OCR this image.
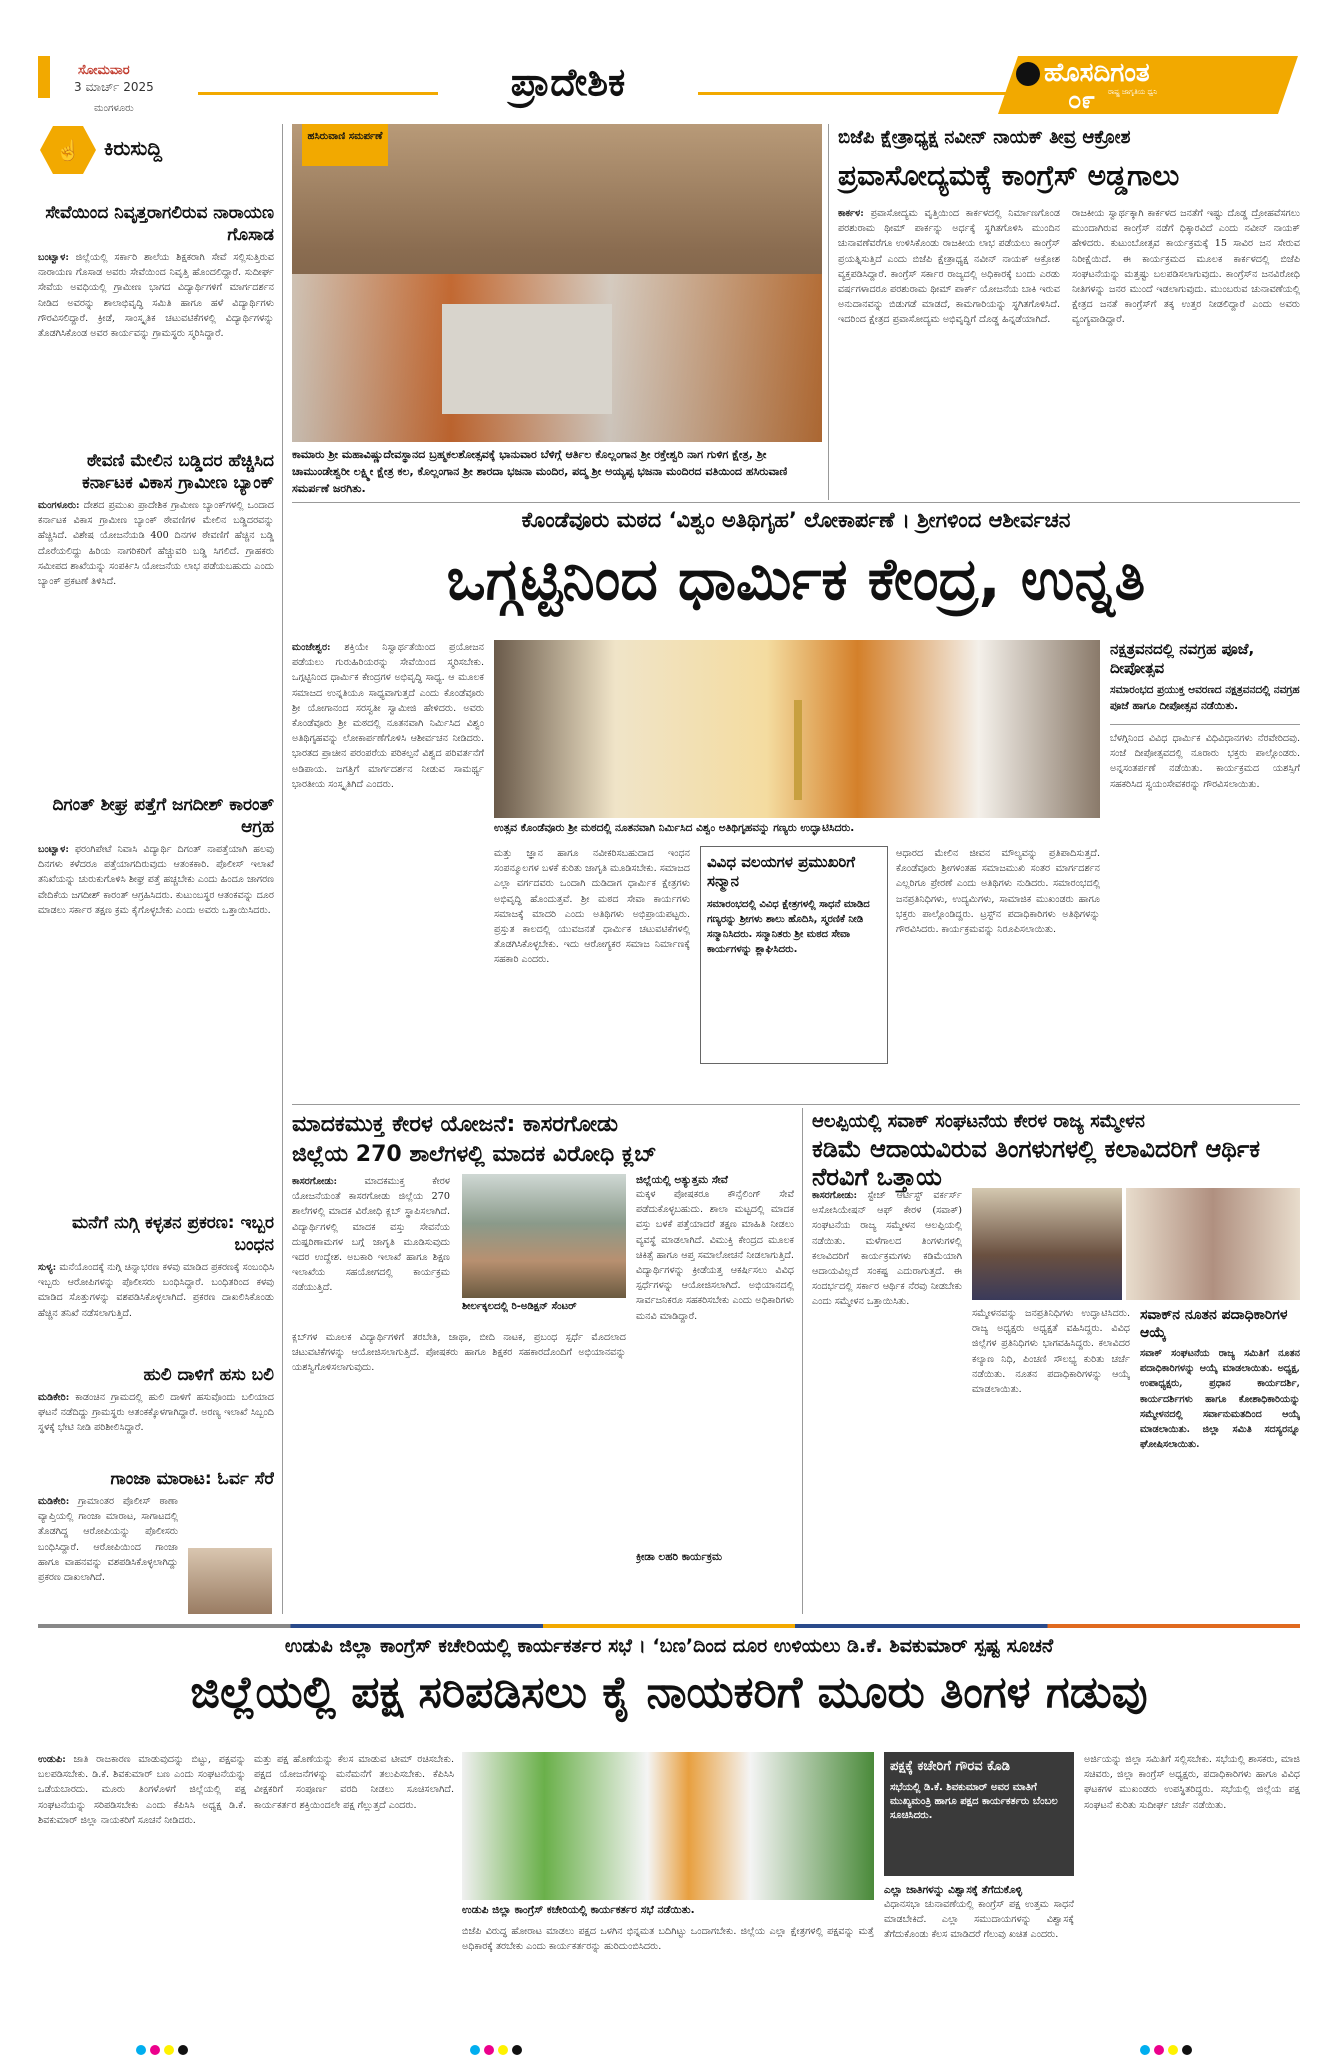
ಸೋಮವಾರ
3 ಮಾರ್ಚ್ 2025
ಮಂಗಳೂರು
ಪ್ರಾದೇಶಿಕ	ಹೊಸದಿಗಂತ
ರಾಷ್ಟ್ರ ಜಾಗೃತಿಯ ಧ್ವನಿ
೦೯
☝ ಕಿರುಸುದ್ದಿ
ಸೇವೆಯಿಂದ ನಿವೃತ್ತರಾಗಲಿರುವ ನಾರಾಯಣ ಗೊಸಾಡ
ಬಂಟ್ವಾಳ: ಜಿಲ್ಲೆಯಲ್ಲಿ ಸರ್ಕಾರಿ ಶಾಲೆಯ ಶಿಕ್ಷಕರಾಗಿ ಸೇವೆ ಸಲ್ಲಿಸುತ್ತಿರುವ ನಾರಾಯಣ ಗೊಸಾಡ ಅವರು ಸೇವೆಯಿಂದ ನಿವೃತ್ತಿ ಹೊಂದಲಿದ್ದಾರೆ. ಸುದೀರ್ಘ ಸೇವೆಯ ಅವಧಿಯಲ್ಲಿ ಗ್ರಾಮೀಣ ಭಾಗದ ವಿದ್ಯಾರ್ಥಿಗಳಿಗೆ ಮಾರ್ಗದರ್ಶನ ನೀಡಿದ ಅವರನ್ನು ಶಾಲಾಭಿವೃದ್ಧಿ ಸಮಿತಿ ಹಾಗೂ ಹಳೆ ವಿದ್ಯಾರ್ಥಿಗಳು ಗೌರವಿಸಲಿದ್ದಾರೆ. ಕ್ರೀಡೆ, ಸಾಂಸ್ಕೃತಿಕ ಚಟುವಟಿಕೆಗಳಲ್ಲಿ ವಿದ್ಯಾರ್ಥಿಗಳನ್ನು ತೊಡಗಿಸಿಕೊಂಡ ಅವರ ಕಾರ್ಯವನ್ನು ಗ್ರಾಮಸ್ಥರು ಸ್ಮರಿಸಿದ್ದಾರೆ.
ಠೇವಣಿ ಮೇಲಿನ ಬಡ್ಡಿದರ ಹೆಚ್ಚಿಸಿದ ಕರ್ನಾಟಕ ವಿಕಾಸ ಗ್ರಾಮೀಣ ಬ್ಯಾಂಕ್
ಮಂಗಳೂರು: ದೇಶದ ಪ್ರಮುಖ ಪ್ರಾದೇಶಿಕ ಗ್ರಾಮೀಣ ಬ್ಯಾಂಕ್‌ಗಳಲ್ಲಿ ಒಂದಾದ ಕರ್ನಾಟಕ ವಿಕಾಸ ಗ್ರಾಮೀಣ ಬ್ಯಾಂಕ್ ಠೇವಣಿಗಳ ಮೇಲಿನ ಬಡ್ಡಿದರವನ್ನು ಹೆಚ್ಚಿಸಿದೆ. ವಿಶೇಷ ಯೋಜನೆಯಡಿ 400 ದಿನಗಳ ಠೇವಣಿಗೆ ಹೆಚ್ಚಿನ ಬಡ್ಡಿ ದೊರೆಯಲಿದ್ದು ಹಿರಿಯ ನಾಗರಿಕರಿಗೆ ಹೆಚ್ಚುವರಿ ಬಡ್ಡಿ ಸಿಗಲಿದೆ. ಗ್ರಾಹಕರು ಸಮೀಪದ ಶಾಖೆಯನ್ನು ಸಂಪರ್ಕಿಸಿ ಯೋಜನೆಯ ಲಾಭ ಪಡೆಯಬಹುದು ಎಂದು ಬ್ಯಾಂಕ್ ಪ್ರಕಟಣೆ ತಿಳಿಸಿದೆ.
ದಿಗಂತ್ ಶೀಘ್ರ ಪತ್ತೆಗೆ ಜಗದೀಶ್ ಕಾರಂತ್ ಆಗ್ರಹ
ಬಂಟ್ವಾಳ: ಫರಂಗಿಪೇಟೆ ನಿವಾಸಿ ವಿದ್ಯಾರ್ಥಿ ದಿಗಂತ್ ನಾಪತ್ತೆಯಾಗಿ ಹಲವು ದಿನಗಳು ಕಳೆದರೂ ಪತ್ತೆಯಾಗದಿರುವುದು ಆತಂಕಕಾರಿ. ಪೊಲೀಸ್ ಇಲಾಖೆ ತನಿಖೆಯನ್ನು ಚುರುಕುಗೊಳಿಸಿ ಶೀಘ್ರ ಪತ್ತೆ ಹಚ್ಚಬೇಕು ಎಂದು ಹಿಂದೂ ಜಾಗರಣ ವೇದಿಕೆಯ ಜಗದೀಶ್ ಕಾರಂತ್ ಆಗ್ರಹಿಸಿದರು. ಕುಟುಂಬಸ್ಥರ ಆತಂಕವನ್ನು ದೂರ ಮಾಡಲು ಸರ್ಕಾರ ತಕ್ಷಣ ಕ್ರಮ ಕೈಗೊಳ್ಳಬೇಕು ಎಂದು ಅವರು ಒತ್ತಾಯಿಸಿದರು.
ಮನೆಗೆ ನುಗ್ಗಿ ಕಳ್ಳತನ ಪ್ರಕರಣ: ಇಬ್ಬರ ಬಂಧನ
ಸುಳ್ಯ: ಮನೆಯೊಂದಕ್ಕೆ ನುಗ್ಗಿ ಚಿನ್ನಾಭರಣ ಕಳವು ಮಾಡಿದ ಪ್ರಕರಣಕ್ಕೆ ಸಂಬಂಧಿಸಿ ಇಬ್ಬರು ಆರೋಪಿಗಳನ್ನು ಪೊಲೀಸರು ಬಂಧಿಸಿದ್ದಾರೆ. ಬಂಧಿತರಿಂದ ಕಳವು ಮಾಡಿದ ಸೊತ್ತುಗಳನ್ನು ವಶಪಡಿಸಿಕೊಳ್ಳಲಾಗಿದೆ. ಪ್ರಕರಣ ದಾಖಲಿಸಿಕೊಂಡು ಹೆಚ್ಚಿನ ತನಿಖೆ ನಡೆಸಲಾಗುತ್ತಿದೆ.
ಹುಲಿ ದಾಳಿಗೆ ಹಸು ಬಲಿ
ಮಡಿಕೇರಿ: ಕಾಡಂಚಿನ ಗ್ರಾಮದಲ್ಲಿ ಹುಲಿ ದಾಳಿಗೆ ಹಸುವೊಂದು ಬಲಿಯಾದ ಘಟನೆ ನಡೆದಿದ್ದು ಗ್ರಾಮಸ್ಥರು ಆತಂಕಕ್ಕೊಳಗಾಗಿದ್ದಾರೆ. ಅರಣ್ಯ ಇಲಾಖೆ ಸಿಬ್ಬಂದಿ ಸ್ಥಳಕ್ಕೆ ಭೇಟಿ ನೀಡಿ ಪರಿಶೀಲಿಸಿದ್ದಾರೆ.
ಗಾಂಜಾ ಮಾರಾಟ: ಓರ್ವ ಸೆರೆ
ಮಡಿಕೇರಿ: ಗ್ರಾಮಾಂತರ ಪೊಲೀಸ್ ಠಾಣಾ ವ್ಯಾಪ್ತಿಯಲ್ಲಿ ಗಾಂಜಾ ಮಾರಾಟ, ಸಾಗಾಟದಲ್ಲಿ ತೊಡಗಿದ್ದ ಆರೋಪಿಯನ್ನು ಪೊಲೀಸರು ಬಂಧಿಸಿದ್ದಾರೆ. ಆರೋಪಿಯಿಂದ ಗಾಂಜಾ ಹಾಗೂ ವಾಹನವನ್ನು ವಶಪಡಿಸಿಕೊಳ್ಳಲಾಗಿದ್ದು ಪ್ರಕರಣ ದಾಖಲಾಗಿದೆ.
ಹಸಿರುವಾಣಿ ಸಮರ್ಪಣೆ
ಕಾಮಾರು ಶ್ರೀ ಮಹಾವಿಷ್ಣುದೇವಸ್ಥಾನದ ಬ್ರಹ್ಮಕಲಶೋತ್ಸವಕ್ಕೆ ಭಾನುವಾರ ಬೆಳಿಗ್ಗೆ ಆರ್ತಿಲ ಕೊಲ್ಲಂಗಾನ ಶ್ರೀ ರಕ್ತೇಶ್ವರಿ ನಾಗ ಗುಳಿಗ ಕ್ಷೇತ್ರ, ಶ್ರೀ ಚಾಮುಂಡೇಶ್ವರೀ ಲಕ್ಷ್ಮೀ ಕ್ಷೇತ್ರ ಕಲ, ಕೊಲ್ಲಂಗಾನ ಶ್ರೀ ಶಾರದಾ ಭಜನಾ ಮಂದಿರ, ಪದ್ಮ ಶ್ರೀ ಅಯ್ಯಪ್ಪ ಭಜನಾ ಮಂದಿರದ ವತಿಯಿಂದ ಹಸಿರುವಾಣಿ ಸಮರ್ಪಣೆ ಜರಗಿತು.
ಬಿಜೆಪಿ ಕ್ಷೇತ್ರಾಧ್ಯಕ್ಷ ನವೀನ್ ನಾಯಕ್ ತೀವ್ರ ಆಕ್ರೋಶ
ಪ್ರವಾಸೋದ್ಯಮಕ್ಕೆ ಕಾಂಗ್ರೆಸ್ ಅಡ್ಡಗಾಲು
ಕಾರ್ಕಳ: ಪ್ರವಾಸೋದ್ಯಮ ವೃತ್ತಿಯಿಂದ ಕಾರ್ಕಳದಲ್ಲಿ ನಿರ್ಮಾಣಗೊಂಡ ಪರಶುರಾಮ ಥೀಮ್ ಪಾರ್ಕನ್ನು ಅರ್ಧಕ್ಕೆ ಸ್ಥಗಿತಗೊಳಿಸಿ ಮುಂದಿನ ಚುನಾವಣೆವರೆಗೂ ಉಳಿಸಿಕೊಂಡು ರಾಜಕೀಯ ಲಾಭ ಪಡೆಯಲು ಕಾಂಗ್ರೆಸ್ ಪ್ರಯತ್ನಿಸುತ್ತಿದೆ ಎಂದು ಬಿಜೆಪಿ ಕ್ಷೇತ್ರಾಧ್ಯಕ್ಷ ನವೀನ್ ನಾಯಕ್ ಆಕ್ರೋಶ ವ್ಯಕ್ತಪಡಿಸಿದ್ದಾರೆ. ಕಾಂಗ್ರೆಸ್ ಸರ್ಕಾರ ರಾಜ್ಯದಲ್ಲಿ ಅಧಿಕಾರಕ್ಕೆ ಬಂದು ಎರಡು ವರ್ಷಗಳಾದರೂ ಪರಶುರಾಮ ಥೀಮ್ ಪಾರ್ಕ್ ಯೋಜನೆಯ ಬಾಕಿ ಇರುವ ಅನುದಾನವನ್ನು ಬಿಡುಗಡೆ ಮಾಡದೆ, ಕಾಮಗಾರಿಯನ್ನು ಸ್ಥಗಿತಗೊಳಿಸಿದೆ. ಇದರಿಂದ ಕ್ಷೇತ್ರದ ಪ್ರವಾಸೋದ್ಯಮ ಅಭಿವೃದ್ಧಿಗೆ ದೊಡ್ಡ ಹಿನ್ನಡೆಯಾಗಿದೆ.
ರಾಜಕೀಯ ಸ್ವಾರ್ಥಕ್ಕಾಗಿ ಕಾರ್ಕಳದ ಜನತೆಗೆ ಇಷ್ಟು ದೊಡ್ಡ ದ್ರೋಹವೆಸಗಲು ಮುಂದಾಗಿರುವ ಕಾಂಗ್ರೆಸ್ ನಡೆಗೆ ಧಿಕ್ಕಾರವಿದೆ ಎಂದು ನವೀನ್ ನಾಯಕ್ ಹೇಳಿದರು. ಕುಟುಂಬೋತ್ಸವ ಕಾರ್ಯಕ್ರಮಕ್ಕೆ 15 ಸಾವಿರ ಜನ ಸೇರುವ ನಿರೀಕ್ಷೆಯಿದೆ. ಈ ಕಾರ್ಯಕ್ರಮದ ಮೂಲಕ ಕಾರ್ಕಳದಲ್ಲಿ ಬಿಜೆಪಿ ಸಂಘಟನೆಯನ್ನು ಮತ್ತಷ್ಟು ಬಲಪಡಿಸಲಾಗುವುದು. ಕಾಂಗ್ರೆಸ್‌ನ ಜನವಿರೋಧಿ ನೀತಿಗಳನ್ನು ಜನರ ಮುಂದೆ ಇಡಲಾಗುವುದು. ಮುಂಬರುವ ಚುನಾವಣೆಯಲ್ಲಿ ಕ್ಷೇತ್ರದ ಜನತೆ ಕಾಂಗ್ರೆಸ್‌ಗೆ ತಕ್ಕ ಉತ್ತರ ನೀಡಲಿದ್ದಾರೆ ಎಂದು ಅವರು ವ್ಯಂಗ್ಯವಾಡಿದ್ದಾರೆ.
ಕೊಂಡೆವೂರು ಮಠದ ‘ವಿಶ್ವಂ ಅತಿಥಿಗೃಹ’ ಲೋಕಾರ್ಪಣೆ । ಶ್ರೀಗಳಿಂದ ಆಶೀರ್ವಚನ
ಒಗ್ಗಟ್ಟಿನಿಂದ ಧಾರ್ಮಿಕ ಕೇಂದ್ರ, ಉನ್ನತಿ
ಮಂಜೇಶ್ವರ: ಶಕ್ತಿಯೇ ನಿಸ್ವಾರ್ಥತೆಯಿಂದ ಪ್ರಯೋಜನ ಪಡೆಯಲು ಗುರುಹಿರಿಯರನ್ನು ಸೇವೆಯಿಂದ ಸ್ಮರಿಸಬೇಕು. ಒಗ್ಗಟ್ಟಿನಿಂದ ಧಾರ್ಮಿಕ ಕೇಂದ್ರಗಳ ಅಭಿವೃದ್ಧಿ ಸಾಧ್ಯ. ಆ ಮೂಲಕ ಸಮಾಜದ ಉನ್ನತಿಯೂ ಸಾಧ್ಯವಾಗುತ್ತದೆ ಎಂದು ಕೊಂಡೆವೂರು ಶ್ರೀ ಯೋಗಾನಂದ ಸರಸ್ವತೀ ಸ್ವಾಮೀಜಿ ಹೇಳಿದರು. ಅವರು ಕೊಂಡೆವೂರು ಶ್ರೀ ಮಠದಲ್ಲಿ ನೂತನವಾಗಿ ನಿರ್ಮಿಸಿದ ವಿಶ್ವಂ ಅತಿಥಿಗೃಹವನ್ನು ಲೋಕಾರ್ಪಣೆಗೊಳಿಸಿ ಆಶೀರ್ವಚನ ನೀಡಿದರು. ಭಾರತದ ಪ್ರಾಚೀನ ಪರಂಪರೆಯ ಪರಿಕಲ್ಪನೆ ವಿಶ್ವದ ಪರಿವರ್ತನೆಗೆ ಅಡಿಪಾಯ. ಜಗತ್ತಿಗೆ ಮಾರ್ಗದರ್ಶನ ನೀಡುವ ಸಾಮರ್ಥ್ಯ ಭಾರತೀಯ ಸಂಸ್ಕೃತಿಗಿದೆ ಎಂದರು.
ಉತ್ಸವ ಕೊಂಡೆವೂರು ಶ್ರೀ ಮಠದಲ್ಲಿ ನೂತನವಾಗಿ ನಿರ್ಮಿಸಿದ ವಿಶ್ವಂ ಅತಿಥಿಗೃಹವನ್ನು ಗಣ್ಯರು ಉದ್ಘಾಟಿಸಿದರು.
ಮತ್ತು ಜ್ಞಾನ ಹಾಗೂ ನವೀಕರಿಸಬಹುದಾದ ಇಂಧನ ಸಂಪನ್ಮೂಲಗಳ ಬಳಕೆ ಕುರಿತು ಜಾಗೃತಿ ಮೂಡಿಸಬೇಕು. ಸಮಾಜದ ಎಲ್ಲಾ ವರ್ಗದವರು ಒಂದಾಗಿ ದುಡಿದಾಗ ಧಾರ್ಮಿಕ ಕ್ಷೇತ್ರಗಳು ಅಭಿವೃದ್ಧಿ ಹೊಂದುತ್ತವೆ. ಶ್ರೀ ಮಠದ ಸೇವಾ ಕಾರ್ಯಗಳು ಸಮಾಜಕ್ಕೆ ಮಾದರಿ ಎಂದು ಅತಿಥಿಗಳು ಅಭಿಪ್ರಾಯಪಟ್ಟರು. ಪ್ರಸ್ತುತ ಕಾಲದಲ್ಲಿ ಯುವಜನತೆ ಧಾರ್ಮಿಕ ಚಟುವಟಿಕೆಗಳಲ್ಲಿ ತೊಡಗಿಸಿಕೊಳ್ಳಬೇಕು. ಇದು ಆರೋಗ್ಯಕರ ಸಮಾಜ ನಿರ್ಮಾಣಕ್ಕೆ ಸಹಕಾರಿ ಎಂದರು.
ವಿವಿಧ ವಲಯಗಳ ಪ್ರಮುಖರಿಗೆ ಸನ್ಮಾನ
ಸಮಾರಂಭದಲ್ಲಿ ವಿವಿಧ ಕ್ಷೇತ್ರಗಳಲ್ಲಿ ಸಾಧನೆ ಮಾಡಿದ ಗಣ್ಯರನ್ನು ಶ್ರೀಗಳು ಶಾಲು ಹೊದಿಸಿ, ಸ್ಮರಣಿಕೆ ನೀಡಿ ಸನ್ಮಾನಿಸಿದರು. ಸನ್ಮಾನಿತರು ಶ್ರೀ ಮಠದ ಸೇವಾ ಕಾರ್ಯಗಳನ್ನು ಶ್ಲಾಘಿಸಿದರು.
ಆಧಾರದ ಮೇಲಿನ ಜೀವನ ಮೌಲ್ಯವನ್ನು ಪ್ರತಿಪಾದಿಸುತ್ತದೆ. ಕೊಂಡೆವೂರು ಶ್ರೀಗಳಂತಹ ಸಮಾಜಮುಖಿ ಸಂತರ ಮಾರ್ಗದರ್ಶನ ಎಲ್ಲರಿಗೂ ಪ್ರೇರಣೆ ಎಂದು ಅತಿಥಿಗಳು ನುಡಿದರು. ಸಮಾರಂಭದಲ್ಲಿ ಜನಪ್ರತಿನಿಧಿಗಳು, ಉದ್ಯಮಿಗಳು, ಸಾಮಾಜಿಕ ಮುಖಂಡರು ಹಾಗೂ ಭಕ್ತರು ಪಾಲ್ಗೊಂಡಿದ್ದರು. ಟ್ರಸ್ಟ್‌ನ ಪದಾಧಿಕಾರಿಗಳು ಅತಿಥಿಗಳನ್ನು ಗೌರವಿಸಿದರು. ಕಾರ್ಯಕ್ರಮವನ್ನು ನಿರೂಪಿಸಲಾಯಿತು.
ನಕ್ಷತ್ರವನದಲ್ಲಿ ನವಗ್ರಹ ಪೂಜೆ, ದೀಪೋತ್ಸವ
ಸಮಾರಂಭದ ಪ್ರಯುಕ್ತ ಆವರಣದ ನಕ್ಷತ್ರವನದಲ್ಲಿ ನವಗ್ರಹ ಪೂಜೆ ಹಾಗೂ ದೀಪೋತ್ಸವ ನಡೆಯಿತು.
ಬೆಳಗ್ಗಿನಿಂದ ವಿವಿಧ ಧಾರ್ಮಿಕ ವಿಧಿವಿಧಾನಗಳು ನೆರವೇರಿದವು. ಸಂಜೆ ದೀಪೋತ್ಸವದಲ್ಲಿ ನೂರಾರು ಭಕ್ತರು ಪಾಲ್ಗೊಂಡರು. ಅನ್ನಸಂತರ್ಪಣೆ ನಡೆಯಿತು. ಕಾರ್ಯಕ್ರಮದ ಯಶಸ್ಸಿಗೆ ಸಹಕರಿಸಿದ ಸ್ವಯಂಸೇವಕರನ್ನು ಗೌರವಿಸಲಾಯಿತು.
ಮಾದಕಮುಕ್ತ ಕೇರಳ ಯೋಜನೆ: ಕಾಸರಗೋಡು
ಜಿಲ್ಲೆಯ 270 ಶಾಲೆಗಳಲ್ಲಿ ಮಾದಕ ವಿರೋಧಿ ಕ್ಲಬ್
ಕಾಸರಗೋಡು:	ಮಾದಕಮುಕ್ತ ಕೇರಳ ಯೋಜನೆಯಂತೆ ಕಾಸರಗೋಡು ಜಿಲ್ಲೆಯ 270 ಶಾಲೆಗಳಲ್ಲಿ ಮಾದಕ ವಿರೋಧಿ ಕ್ಲಬ್ ಸ್ಥಾಪಿಸಲಾಗಿದೆ. ವಿದ್ಯಾರ್ಥಿಗಳಲ್ಲಿ ಮಾದಕ ವಸ್ತು ಸೇವನೆಯ ದುಷ್ಪರಿಣಾಮಗಳ ಬಗ್ಗೆ ಜಾಗೃತಿ ಮೂಡಿಸುವುದು ಇದರ ಉದ್ದೇಶ. ಅಬಕಾರಿ ಇಲಾಖೆ ಹಾಗೂ ಶಿಕ್ಷಣ ಇಲಾಖೆಯ ಸಹಯೋಗದಲ್ಲಿ ಕಾರ್ಯಕ್ರಮ ನಡೆಯುತ್ತಿದೆ.
ಶೀರ್ಲಕ್ಕಲದಲ್ಲಿ ರಿ-ಅಡಿಕ್ಷನ್ ಸೆಂಟರ್
ಕ್ಲಬ್‌ಗಳ ಮೂಲಕ ವಿದ್ಯಾರ್ಥಿಗಳಿಗೆ ತರಬೇತಿ, ಜಾಥಾ, ಬೀದಿ ನಾಟಕ, ಪ್ರಬಂಧ ಸ್ಪರ್ಧೆ ಮೊದಲಾದ ಚಟುವಟಿಕೆಗಳನ್ನು ಆಯೋಜಿಸಲಾಗುತ್ತಿದೆ. ಪೋಷಕರು ಹಾಗೂ ಶಿಕ್ಷಕರ ಸಹಕಾರದೊಂದಿಗೆ ಅಭಿಯಾನವನ್ನು ಯಶಸ್ವಿಗೊಳಿಸಲಾಗುವುದು.
ಜಿಲ್ಲೆಯಲ್ಲಿ ಅತ್ಯುತ್ತಮ ಸೇವೆ
ಮಕ್ಕಳ ಪೋಷಕರೂ ಕೌನ್ಸೆಲಿಂಗ್ ಸೇವೆ ಪಡೆದುಕೊಳ್ಳಬಹುದು. ಶಾಲಾ ಮಟ್ಟದಲ್ಲಿ ಮಾದಕ ವಸ್ತು ಬಳಕೆ ಪತ್ತೆಯಾದರೆ ತಕ್ಷಣ ಮಾಹಿತಿ ನೀಡಲು ವ್ಯವಸ್ಥೆ ಮಾಡಲಾಗಿದೆ. ವಿಮುಕ್ತಿ ಕೇಂದ್ರದ ಮೂಲಕ ಚಿಕಿತ್ಸೆ ಹಾಗೂ ಆಪ್ತ ಸಮಾಲೋಚನೆ ನೀಡಲಾಗುತ್ತಿದೆ. ವಿದ್ಯಾರ್ಥಿಗಳನ್ನು ಕ್ರೀಡೆಯತ್ತ ಆಕರ್ಷಿಸಲು ವಿವಿಧ ಸ್ಪರ್ಧೆಗಳನ್ನು ಆಯೋಜಿಸಲಾಗಿದೆ. ಅಭಿಯಾನದಲ್ಲಿ ಸಾರ್ವಜನಿಕರೂ ಸಹಕರಿಸಬೇಕು ಎಂದು ಅಧಿಕಾರಿಗಳು ಮನವಿ ಮಾಡಿದ್ದಾರೆ.
ಕ್ರೀಡಾ ಲಹರಿ ಕಾರ್ಯಕ್ರಮ
ಆಲಪ್ಪಿಯಲ್ಲಿ ಸವಾಕ್ ಸಂಘಟನೆಯ ಕೇರಳ ರಾಜ್ಯ ಸಮ್ಮೇಳನ
ಕಡಿಮೆ ಆದಾಯವಿರುವ ತಿಂಗಳುಗಳಲ್ಲಿ ಕಲಾವಿದರಿಗೆ ಆರ್ಥಿಕ ನೆರವಿಗೆ ಒತ್ತಾಯ
ಕಾಸರಗೋಡು: ಸ್ಟೇಜ್ ಆರ್ಟಿಸ್ಟ್ ವರ್ಕರ್ಸ್ ಅಸೋಸಿಯೇಷನ್ ಆಫ್ ಕೇರಳ (ಸವಾಕ್) ಸಂಘಟನೆಯ ರಾಜ್ಯ ಸಮ್ಮೇಳನ ಆಲಪ್ಪಿಯಲ್ಲಿ ನಡೆಯಿತು. ಮಳೆಗಾಲದ ತಿಂಗಳುಗಳಲ್ಲಿ ಕಲಾವಿದರಿಗೆ ಕಾರ್ಯಕ್ರಮಗಳು ಕಡಿಮೆಯಾಗಿ ಆದಾಯವಿಲ್ಲದೆ ಸಂಕಷ್ಟ ಎದುರಾಗುತ್ತದೆ. ಈ ಸಂದರ್ಭದಲ್ಲಿ ಸರ್ಕಾರ ಆರ್ಥಿಕ ನೆರವು ನೀಡಬೇಕು ಎಂದು ಸಮ್ಮೇಳನ ಒತ್ತಾಯಿಸಿತು.
ಸಮ್ಮೇಳನವನ್ನು ಜನಪ್ರತಿನಿಧಿಗಳು ಉದ್ಘಾಟಿಸಿದರು. ರಾಜ್ಯ ಅಧ್ಯಕ್ಷರು ಅಧ್ಯಕ್ಷತೆ ವಹಿಸಿದ್ದರು. ವಿವಿಧ ಜಿಲ್ಲೆಗಳ ಪ್ರತಿನಿಧಿಗಳು ಭಾಗವಹಿಸಿದ್ದರು. ಕಲಾವಿದರ ಕಲ್ಯಾಣ ನಿಧಿ, ಪಿಂಚಣಿ ಸೌಲಭ್ಯ ಕುರಿತು ಚರ್ಚೆ ನಡೆಯಿತು. ನೂತನ ಪದಾಧಿಕಾರಿಗಳನ್ನು ಆಯ್ಕೆ ಮಾಡಲಾಯಿತು.
ಸವಾಕ್‌ನ ನೂತನ ಪದಾಧಿಕಾರಿಗಳ ಆಯ್ಕೆ
ಸವಾಕ್ ಸಂಘಟನೆಯ ರಾಜ್ಯ ಸಮಿತಿಗೆ ನೂತನ ಪದಾಧಿಕಾರಿಗಳನ್ನು ಆಯ್ಕೆ ಮಾಡಲಾಯಿತು. ಅಧ್ಯಕ್ಷ, ಉಪಾಧ್ಯಕ್ಷರು, ಪ್ರಧಾನ ಕಾರ್ಯದರ್ಶಿ, ಕಾರ್ಯದರ್ಶಿಗಳು ಹಾಗೂ ಕೋಶಾಧಿಕಾರಿಯನ್ನು ಸಮ್ಮೇಳನದಲ್ಲಿ ಸರ್ವಾನುಮತದಿಂದ ಆಯ್ಕೆ ಮಾಡಲಾಯಿತು. ಜಿಲ್ಲಾ ಸಮಿತಿ ಸದಸ್ಯರನ್ನೂ ಘೋಷಿಸಲಾಯಿತು.
ಉಡುಪಿ ಜಿಲ್ಲಾ ಕಾಂಗ್ರೆಸ್ ಕಚೇರಿಯಲ್ಲಿ ಕಾರ್ಯಕರ್ತರ ಸಭೆ । ‘ಬಣ’ದಿಂದ ದೂರ ಉಳಿಯಲು ಡಿ.ಕೆ. ಶಿವಕುಮಾರ್ ಸ್ಪಷ್ಟ ಸೂಚನೆ
ಜಿಲ್ಲೆಯಲ್ಲಿ ಪಕ್ಷ ಸರಿಪಡಿಸಲು ಕೈ ನಾಯಕರಿಗೆ ಮೂರು ತಿಂಗಳ ಗಡುವು
ಉಡುಪಿ: ಜಾತಿ ರಾಜಕಾರಣ ಮಾಡುವುದನ್ನು ಬಿಟ್ಟು, ಪಕ್ಷವನ್ನು ಬಲಪಡಿಸಬೇಕು. ಡಿ.ಕೆ. ಶಿವಕುಮಾರ್ ಬಣ ಎಂದು ಸಂಘಟನೆಯನ್ನು ಒಡೆಯಬಾರದು. ಮೂರು ತಿಂಗಳೊಳಗೆ ಜಿಲ್ಲೆಯಲ್ಲಿ ಪಕ್ಷ ಸಂಘಟನೆಯನ್ನು ಸರಿಪಡಿಸಬೇಕು ಎಂದು ಕೆಪಿಸಿಸಿ ಅಧ್ಯಕ್ಷ ಡಿ.ಕೆ. ಶಿವಕುಮಾರ್ ಜಿಲ್ಲಾ ನಾಯಕರಿಗೆ ಸೂಚನೆ ನೀಡಿದರು.
ಮತ್ತು ಪಕ್ಷ ಹೊಣೆಯನ್ನು ಕೆಲಸ ಮಾಡುವ ಟೀಮ್ ರಚಿಸಬೇಕು. ಪಕ್ಷದ ಯೋಜನೆಗಳನ್ನು ಮನೆಮನೆಗೆ ತಲುಪಿಸಬೇಕು. ಕೆಪಿಸಿಸಿ ವೀಕ್ಷಕರಿಗೆ ಸಂಪೂರ್ಣ ವರದಿ ನೀಡಲು ಸೂಚಿಸಲಾಗಿದೆ. ಕಾರ್ಯಕರ್ತರ ಶಕ್ತಿಯಿಂದಲೇ ಪಕ್ಷ ಗೆಲ್ಲುತ್ತದೆ ಎಂದರು.
ಉಡುಪಿ ಜಿಲ್ಲಾ ಕಾಂಗ್ರೆಸ್ ಕಚೇರಿಯಲ್ಲಿ ಕಾರ್ಯಕರ್ತರ ಸಭೆ ನಡೆಯಿತು.
ಬಿಜೆಪಿ ವಿರುದ್ಧ ಹೋರಾಟ ಮಾಡಲು ಪಕ್ಷದ ಒಳಗಿನ ಭಿನ್ನಮತ ಬದಿಗಿಟ್ಟು ಒಂದಾಗಬೇಕು. ಜಿಲ್ಲೆಯ ಎಲ್ಲಾ ಕ್ಷೇತ್ರಗಳಲ್ಲಿ ಪಕ್ಷವನ್ನು ಮತ್ತೆ ಅಧಿಕಾರಕ್ಕೆ ತರಬೇಕು ಎಂದು ಕಾರ್ಯಕರ್ತರನ್ನು ಹುರಿದುಂಬಿಸಿದರು.
ಪಕ್ಷಕ್ಕೆ ಕಚೇರಿಗೆ ಗೌರವ ಕೊಡಿ
ಸಭೆಯಲ್ಲಿ ಡಿ.ಕೆ. ಶಿವಕುಮಾರ್ ಅವರ ಮಾತಿಗೆ ಮುಖ್ಯಮಂತ್ರಿ ಹಾಗೂ ಪಕ್ಷದ ಕಾರ್ಯಕರ್ತರು ಬೆಂಬಲ ಸೂಚಿಸಿದರು.
ಎಲ್ಲಾ ಜಾತಿಗಳನ್ನು ವಿಶ್ವಾಸಕ್ಕೆ ತೆಗೆದುಕೊಳ್ಳಿ
ವಿಧಾನಸಭಾ ಚುನಾವಣೆಯಲ್ಲಿ ಕಾಂಗ್ರೆಸ್ ಪಕ್ಷ ಉತ್ತಮ ಸಾಧನೆ ಮಾಡಬೇಕಿದೆ. ಎಲ್ಲಾ ಸಮುದಾಯಗಳನ್ನು ವಿಶ್ವಾಸಕ್ಕೆ ತೆಗೆದುಕೊಂಡು ಕೆಲಸ ಮಾಡಿದರೆ ಗೆಲುವು ಖಚಿತ ಎಂದರು.
ಅರ್ಜಿಯನ್ನು ಜಿಲ್ಲಾ ಸಮಿತಿಗೆ ಸಲ್ಲಿಸಬೇಕು. ಸಭೆಯಲ್ಲಿ ಶಾಸಕರು, ಮಾಜಿ ಸಚಿವರು, ಜಿಲ್ಲಾ ಕಾಂಗ್ರೆಸ್ ಅಧ್ಯಕ್ಷರು, ಪದಾಧಿಕಾರಿಗಳು ಹಾಗೂ ವಿವಿಧ ಘಟಕಗಳ ಮುಖಂಡರು ಉಪಸ್ಥಿತರಿದ್ದರು. ಸಭೆಯಲ್ಲಿ ಜಿಲ್ಲೆಯ ಪಕ್ಷ ಸಂಘಟನೆ ಕುರಿತು ಸುದೀರ್ಘ ಚರ್ಚೆ ನಡೆಯಿತು.
